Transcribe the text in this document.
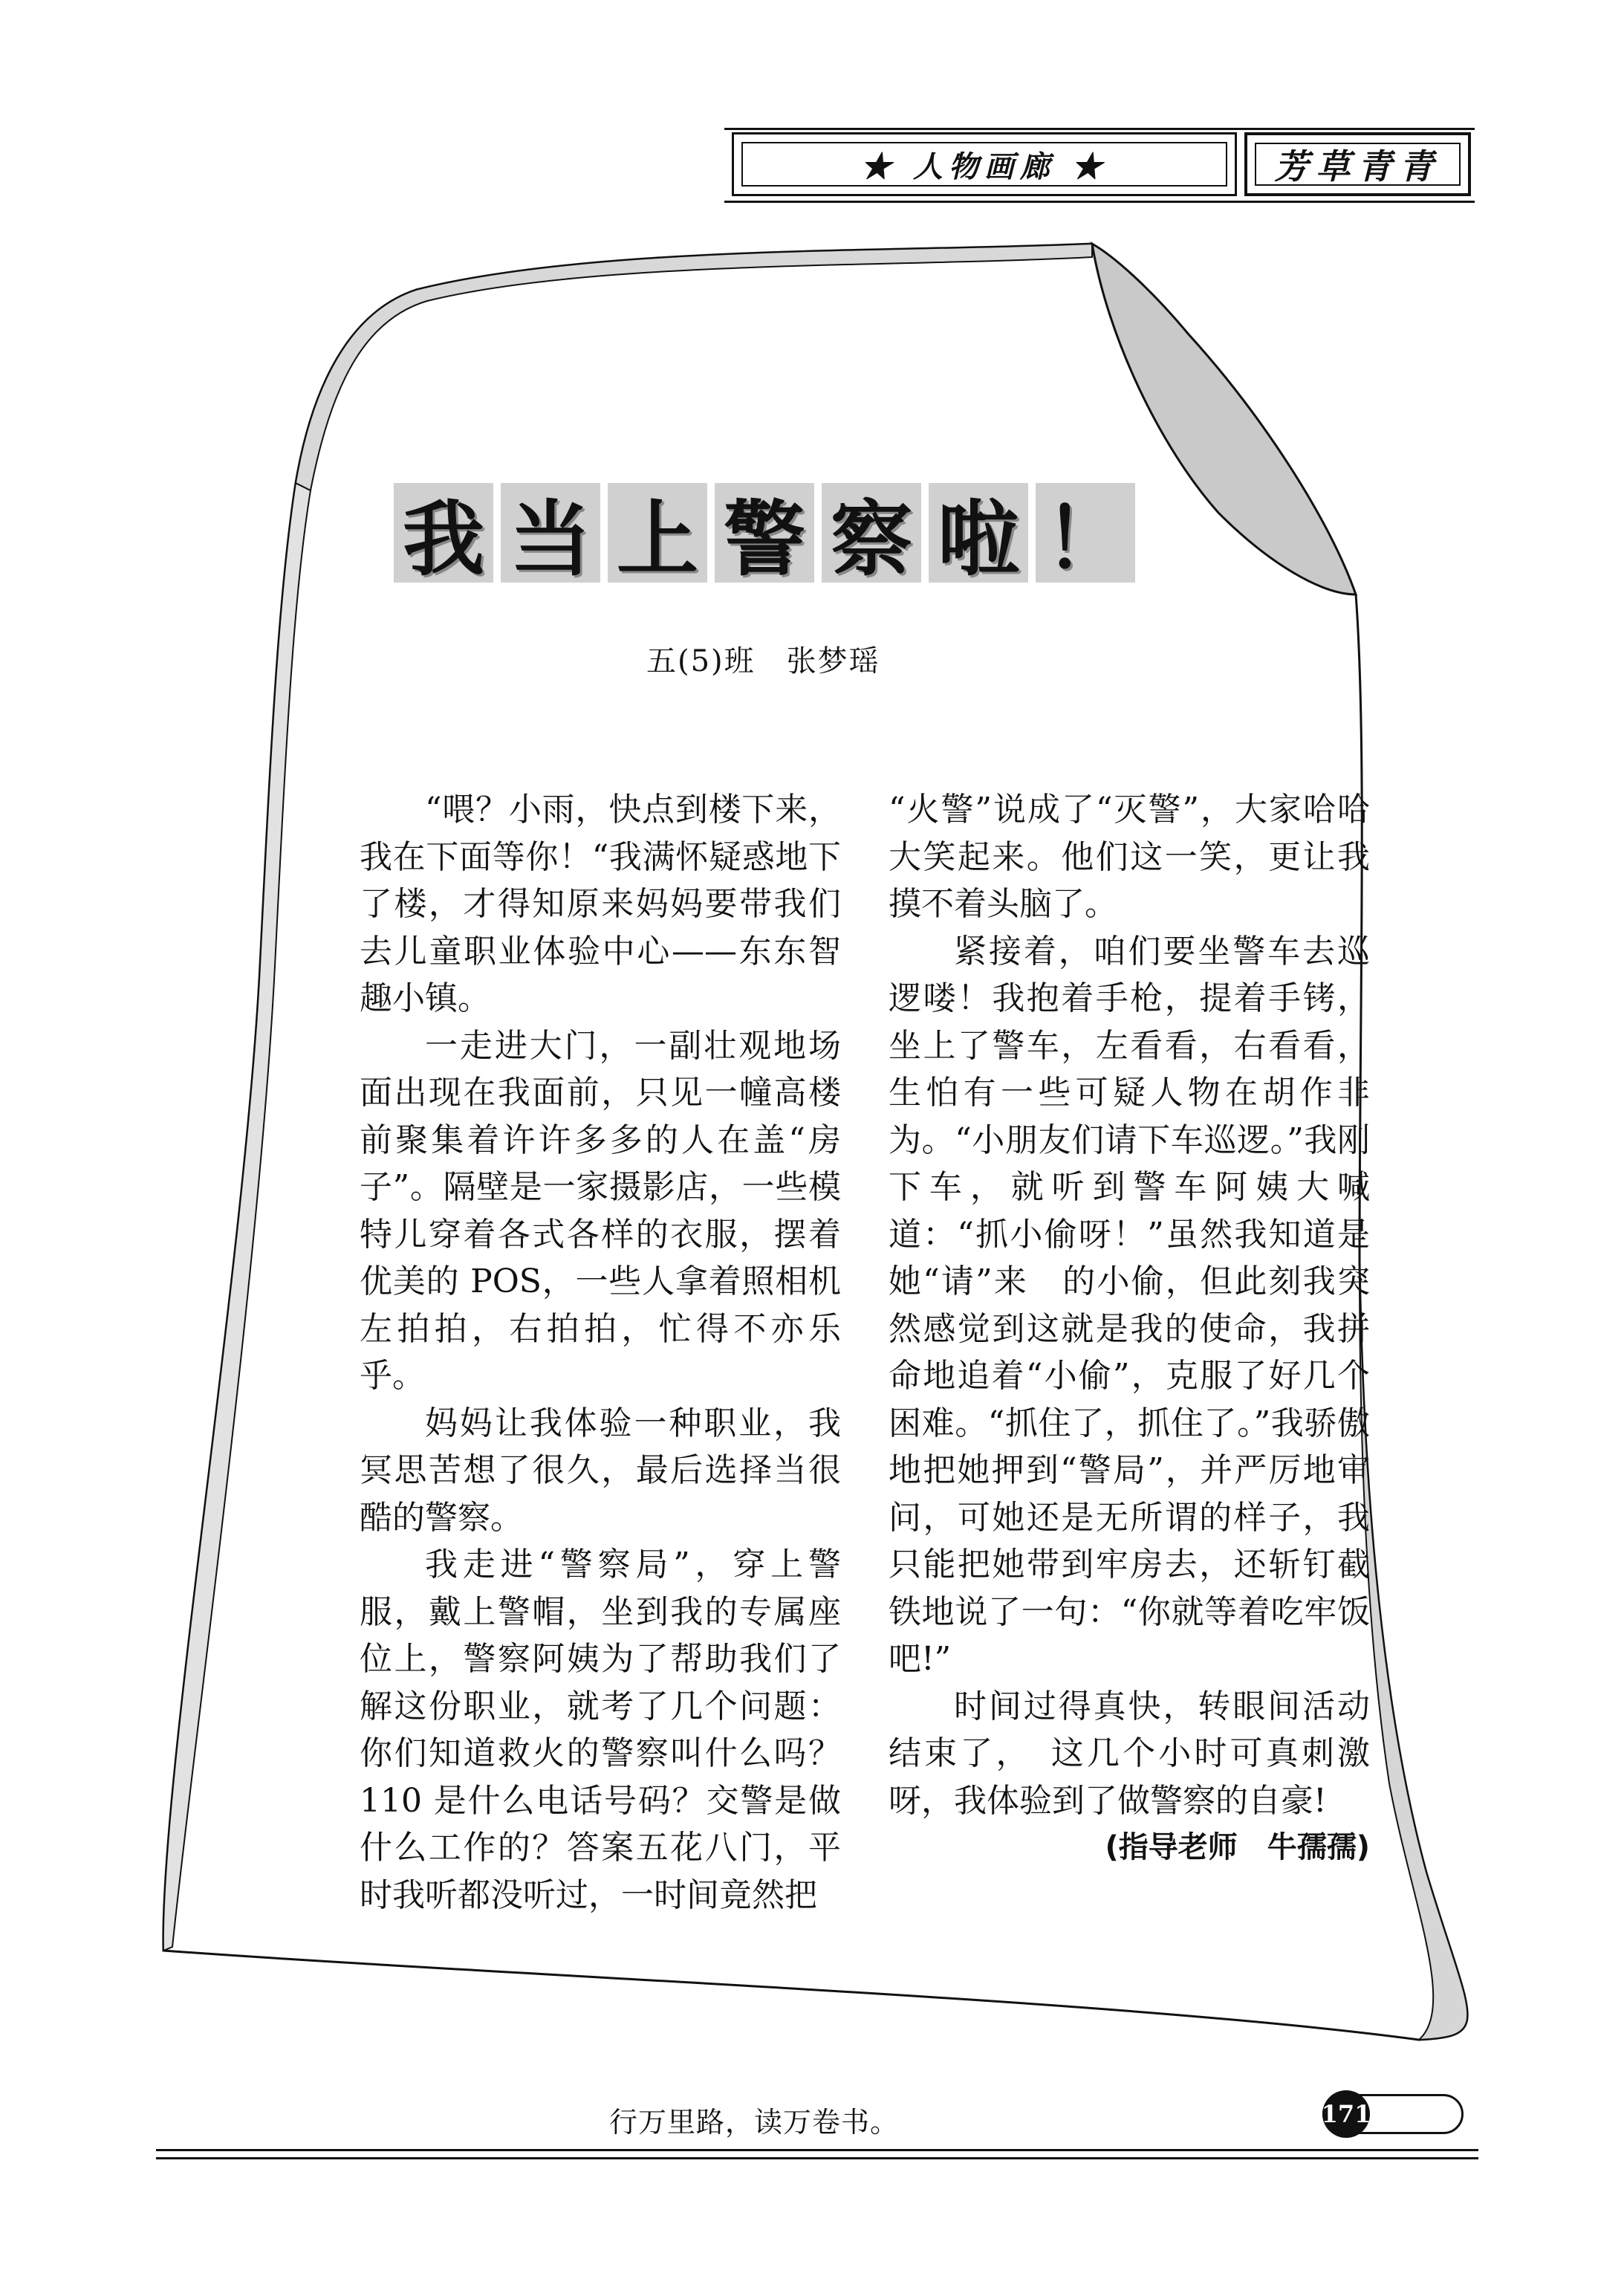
★ 人物画廊 ★	芳草青青
我 当 上 警 察 啦 ！
五(5)班　张梦瑶

“喂？小雨，快点到楼下来，我在下面等你！“我满怀疑惑地下了楼，才得知原来妈妈要带我们去儿童职业体验中心——东东智趣小镇。

一走进大门，一副壮观地场面出现在我面前，只见一幢高楼前聚集着许许多多的人在盖“房子”。隔壁是一家摄影店，一些模特儿穿着各式各样的衣服，摆着优美的 POS，一些人拿着照相机左拍拍，右拍拍，忙得不亦乐乎。

妈妈让我体验一种职业，我冥思苦想了很久，最后选择当很酷的警察。

我走进“警察局”，穿上警服，戴上警帽，坐到我的专属座位上，警察阿姨为了帮助我们了解这份职业，就考了几个问题：你们知道救火的警察叫什么吗？110 是什么电话号码？交警是做什么工作的？答案五花八门，平时我听都没听过，一时间竟然把

“火警”说成了“灭警”，大家哈哈大笑起来。他们这一笑，更让我摸不着头脑了。

紧接着，咱们要坐警车去巡逻喽！我抱着手枪，提着手铐，坐上了警车，左看看，右看看，生怕有一些可疑人物在胡作非为。“小朋友们请下车巡逻。”我刚下车，就听到警车阿姨大喊道：“抓小偷呀！”虽然我知道是她“请”来　的小偷，但此刻我突然感觉到这就是我的使命，我拼命地追着“小偷”，克服了好几个困难。“抓住了，抓住了。”我骄傲地把她押到“警局”，并严厉地审问，可她还是无所谓的样子，我只能把她带到牢房去，还斩钉截铁地说了一句：“你就等着吃牢饭吧!”

时间过得真快，转眼间活动结束了，　这几个小时可真刺激呀，我体验到了做警察的自豪!

(指导老师　牛孺孺)

行万里路，读万卷书。	171
